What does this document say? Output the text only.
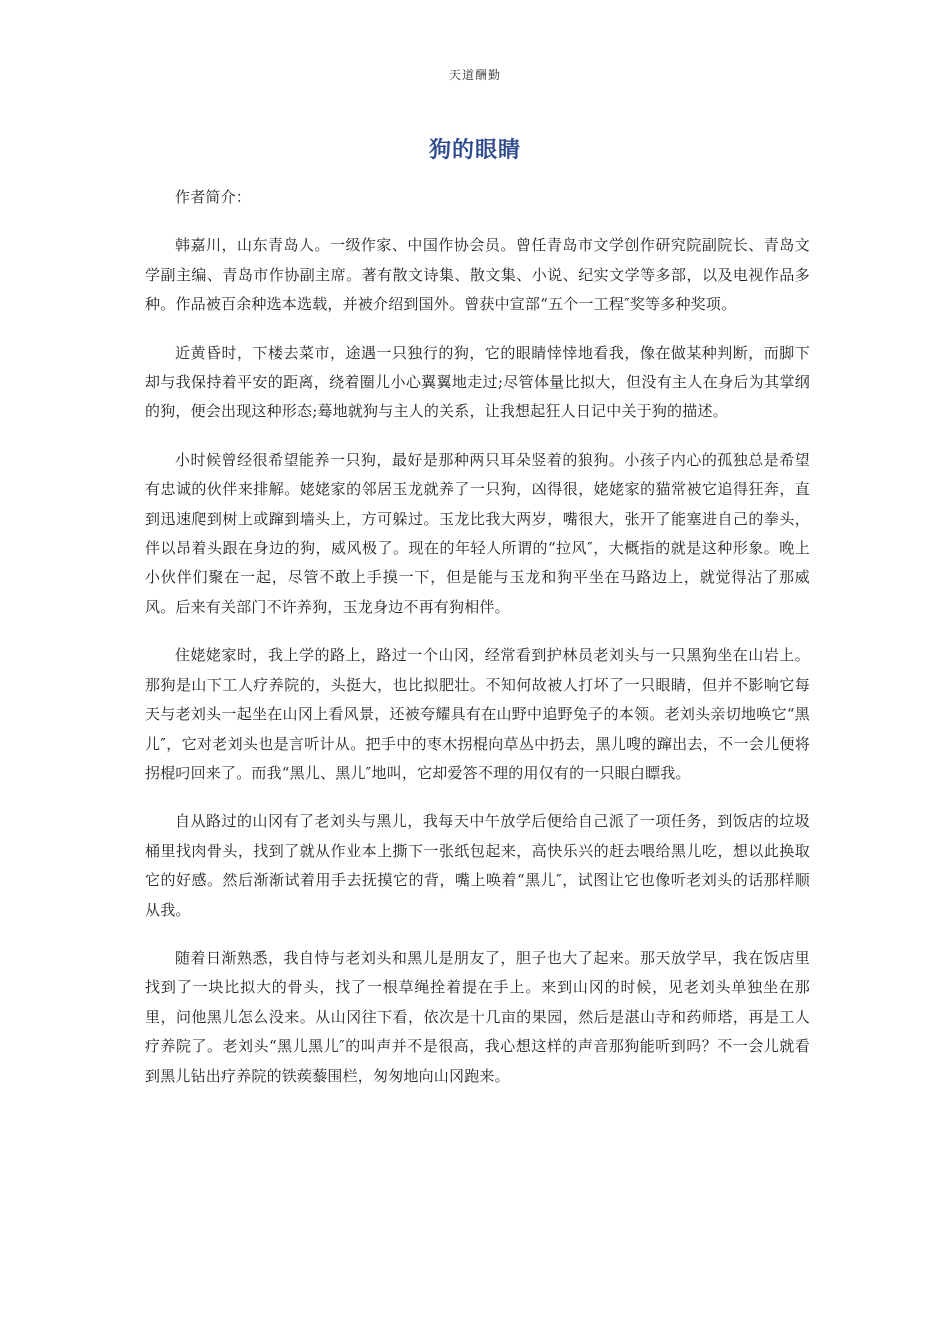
天道酬勤
狗的眼睛

作者简介：

韩嘉川，山东青岛人。一级作家、中国作协会员。曾任青岛市文学创作研究院副院长、青岛文学副主编、青岛市作协副主席。著有散文诗集、散文集、小说、纪实文学等多部，以及电视作品多种。作品被百余种选本选载，并被介绍到国外。曾获中宣部“五个一工程″奖等多种奖项。

近黄昏时，下楼去菜市，途遇一只独行的狗，它的眼睛悻悻地看我，像在做某种判断，而脚下却与我保持着平安的距离，绕着圈儿小心翼翼地走过;尽管体量比拟大，但没有主人在身后为其掌纲的狗，便会出现这种形态;蓦地就狗与主人的关系，让我想起狂人日记中关于狗的描述。

小时候曾经很希望能养一只狗，最好是那种两只耳朵竖着的狼狗。小孩子内心的孤独总是希望有忠诚的伙伴来排解。姥姥家的邻居玉龙就养了一只狗，凶得很，姥姥家的猫常被它追得狂奔，直到迅速爬到树上或蹿到墙头上，方可躲过。玉龙比我大两岁，嘴很大，张开了能塞进自己的拳头，伴以昂着头跟在身边的狗，威风极了。现在的年轻人所谓的“拉风″，大概指的就是这种形象。晚上小伙伴们聚在一起，尽管不敢上手摸一下，但是能与玉龙和狗平坐在马路边上，就觉得沾了那威风。后来有关部门不许养狗，玉龙身边不再有狗相伴。

住姥姥家时，我上学的路上，路过一个山冈，经常看到护林员老刘头与一只黑狗坐在山岩上。那狗是山下工人疗养院的，头挺大，也比拟肥壮。不知何故被人打坏了一只眼睛，但并不影响它每天与老刘头一起坐在山冈上看风景，还被夸耀具有在山野中追野兔子的本领。老刘头亲切地唤它“黑儿″，它对老刘头也是言听计从。把手中的枣木拐棍向草丛中扔去，黑儿嗖的蹿出去，不一会儿便将拐棍叼回来了。而我“黑儿、黑儿″地叫，它却爱答不理的用仅有的一只眼白瞟我。

自从路过的山冈有了老刘头与黑儿，我每天中午放学后便给自己派了一项任务，到饭店的垃圾桶里找肉骨头，找到了就从作业本上撕下一张纸包起来，高快乐兴的赶去喂给黑儿吃，想以此换取它的好感。然后渐渐试着用手去抚摸它的背，嘴上唤着“黑儿″，试图让它也像听老刘头的话那样顺从我。

随着日渐熟悉，我自恃与老刘头和黑儿是朋友了，胆子也大了起来。那天放学早，我在饭店里找到了一块比拟大的骨头，找了一根草绳拴着提在手上。来到山冈的时候，见老刘头单独坐在那里，问他黑儿怎么没来。从山冈往下看，依次是十几亩的果园，然后是湛山寺和药师塔，再是工人疗养院了。老刘头“黑儿黑儿″的叫声并不是很高，我心想这样的声音那狗能听到吗？不一会儿就看到黑儿钻出疗养院的铁蒺藜围栏，匆匆地向山冈跑来。
